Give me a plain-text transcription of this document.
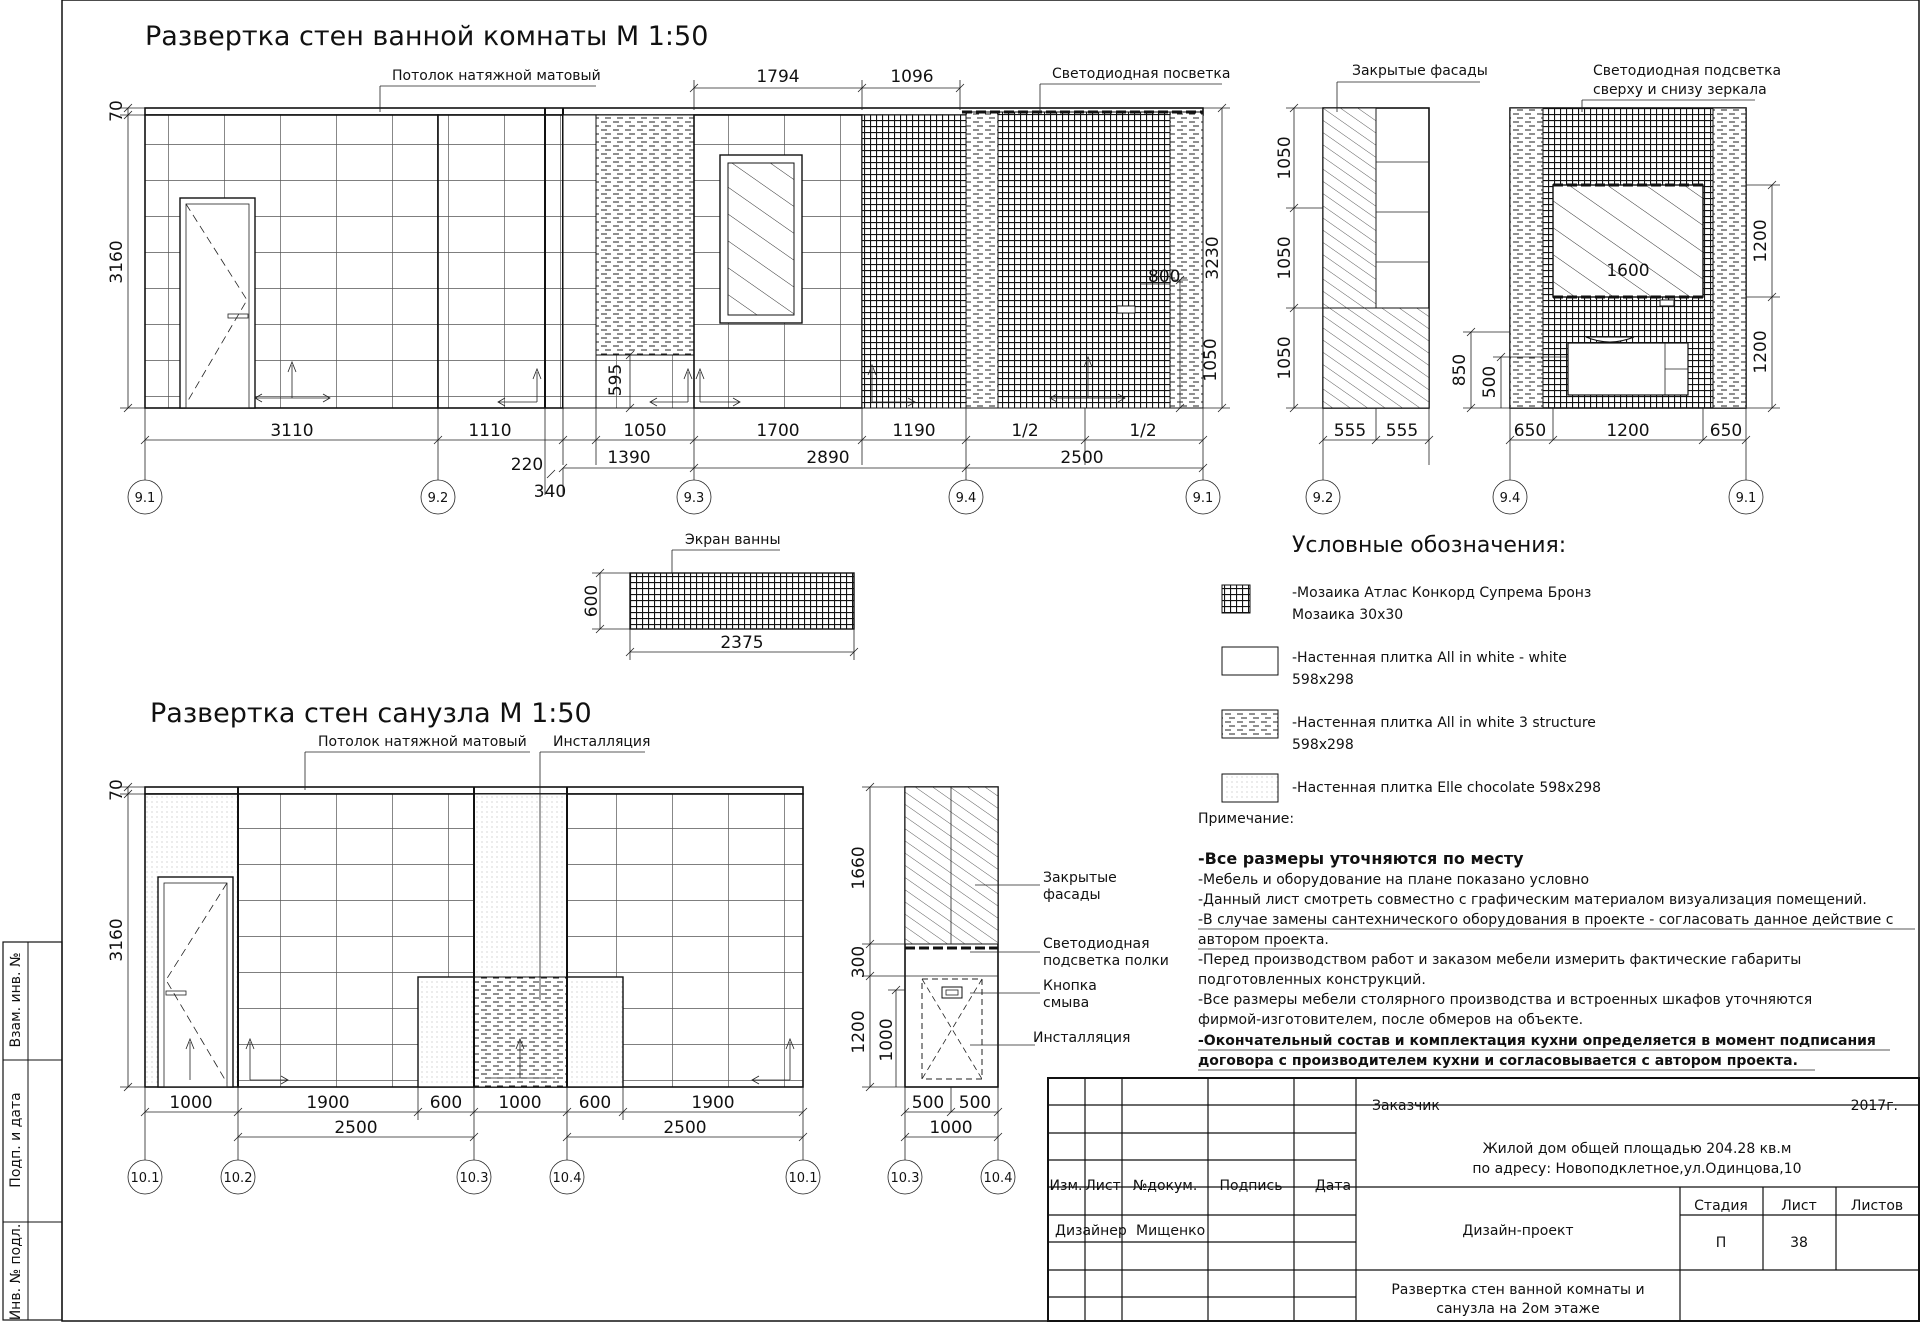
Взам. инв. №
Подп. и дата
Инв. № подл.
Развертка стен ванной комнаты М 1:50
Потолок натяжной матовый	Светодиодная посветка
1794	1096
70
3160	3230
1050
800
595
3110	1110	1050	1700	1190	1/2	1/2
220	1390	2890	2500
340
9.1	9.2	9.3	9.4	9.1
Закрытые фасады
1050
1050
1050
555 555
9.2
Светодиодная подсветка
сверху и снизу зеркала
1600
1200
1200
850 500
650	1200	650
9.4	9.1
Экран ванны
600
2375
Развертка стен санузла М 1:50
Потолок натяжной матовый Инсталляция
70
3160
1000	1900	600 1000 600	1900
2500	2500
10.1	10.2	10.3	10.4	10.1
1660
300
1200 1000
500 500
1000
10.3	10.4
Закрытые
фасады
Светодиодная
подсветка полки
Кнопка
смыва
Инсталляция
Условные обозначения:
-Мозаика Атлас Конкорд Супрема Бронз
Мозаика 30х30
-Настенная плитка All in white - white
598х298
-Настенная плитка All in white 3 structure
598х298
-Настенная плитка Elle chocolate 598х298
Примечание:
-Все размеры уточняются по месту
-Мебель и оборудование на плане показано условно
-Данный лист смотреть совместно с графическим материалом визуализация помещений.
-В случае замены сантехнического оборудования в проекте - согласовать данное действие с
автором проекта.
-Перед производством работ и заказом мебели измерить фактические габариты
подготовленных конструкций.
-Все размеры мебели столярного производства и встроенных шкафов уточняются
фирмой-изготовителем, после обмеров на объекте.
-Окончательный состав и комплектация кухни определяется в момент подписания
договора с производителем кухни и согласовывается с автором проекта.
Заказчик	2017г.
Жилой дом общей площадью 204.28 кв.м
по адресу: Новоподклетное,ул.Одинцова,10
Изм. Лист №докум. Подпись Дата
Дизайнер Мищенко	Дизайн-проект
Стадия Лист Листов
П	38
Развертка стен ванной комнаты и
санузла на 2ом этаже
